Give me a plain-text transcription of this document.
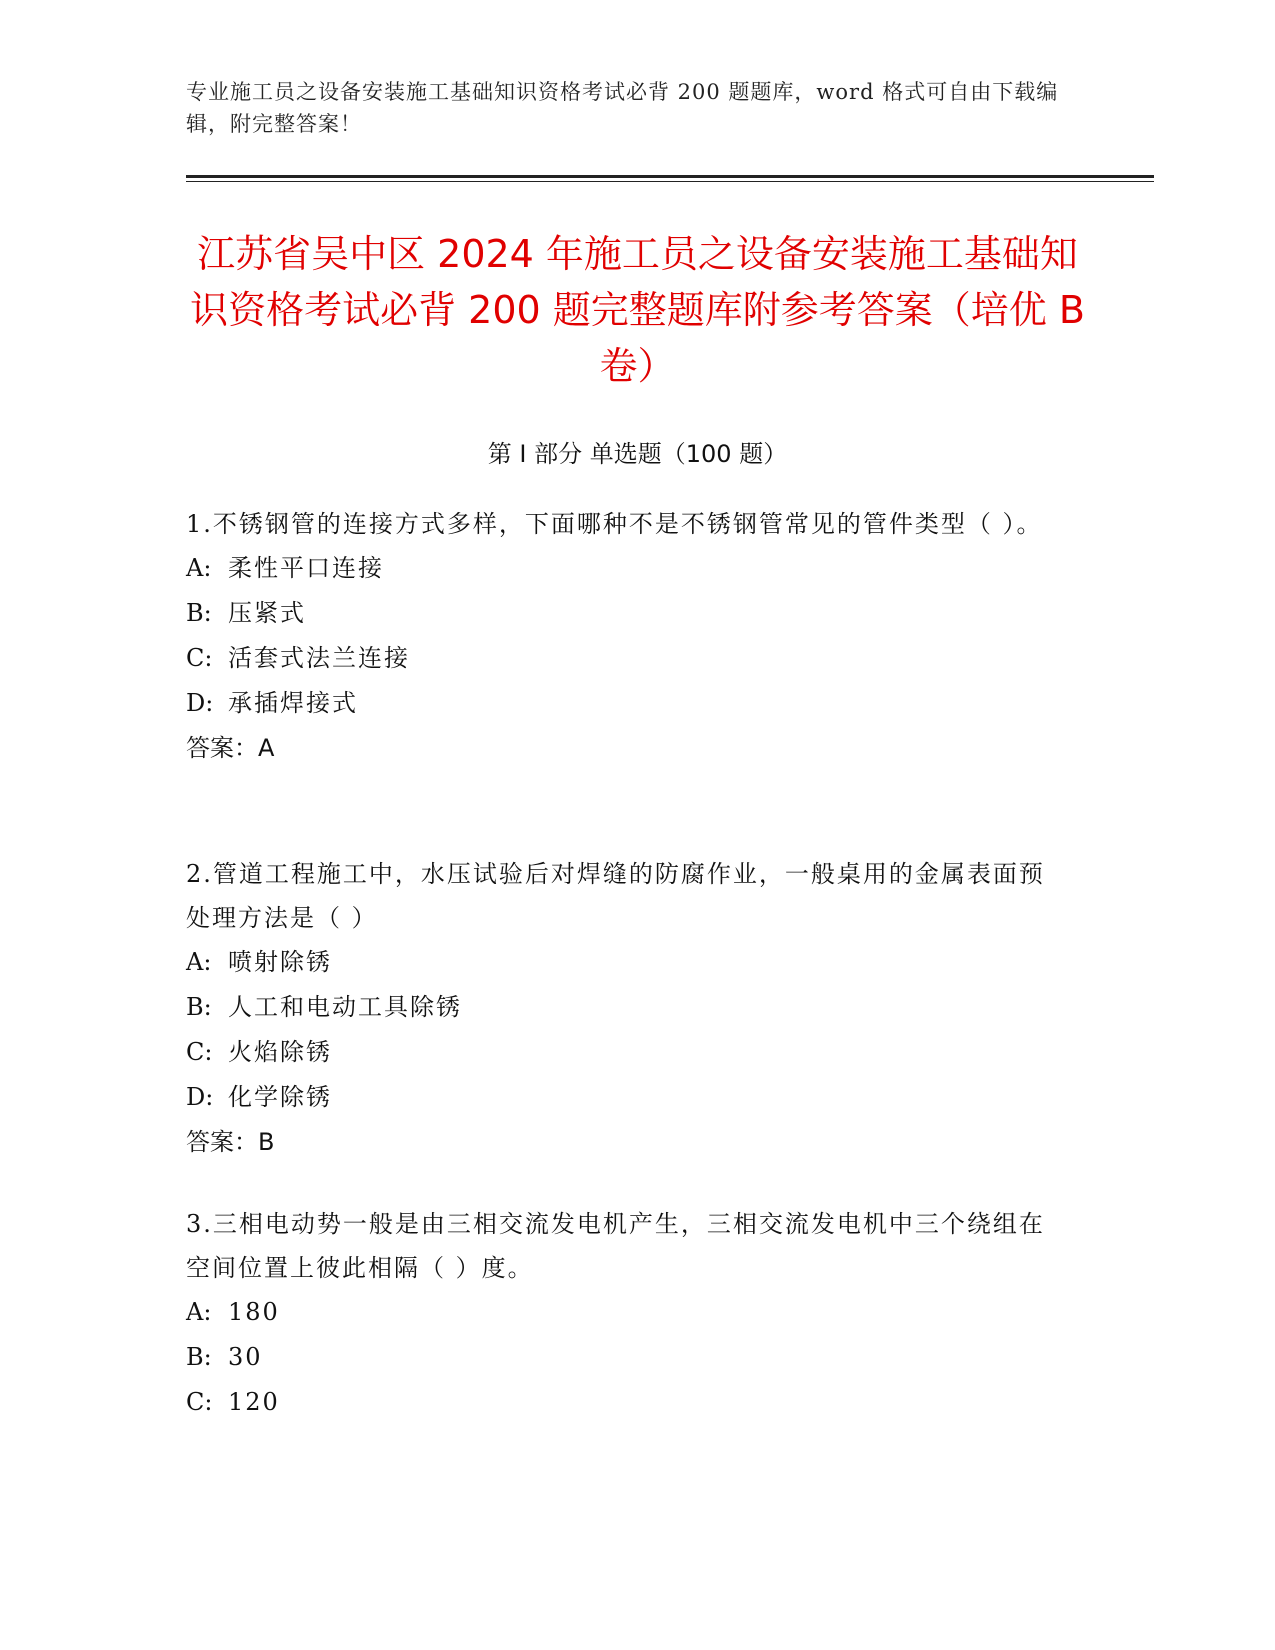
专业施工员之设备安装施工基础知识资格考试必背 200 题题库，word 格式可自由下载编辑，附完整答案！
江苏省吴中区 2024 年施工员之设备安装施工基础知识资格考试必背 200 题完整题库附参考答案（培优 B 卷）
第 I 部分 单选题（100 题）

1.不锈钢管的连接方式多样，下面哪种不是不锈钢管常见的管件类型（ ）。

A: 柔性平口连接

B: 压紧式

C: 活套式法兰连接

D: 承插焊接式

答案：A

2.管道工程施工中，水压试验后对焊缝的防腐作业，一般桌用的金属表面预处理方法是（ ）

A: 喷射除锈

B: 人工和电动工具除锈

C: 火焰除锈

D: 化学除锈

答案：B

3.三相电动势一般是由三相交流发电机产生，三相交流发电机中三个绕组在空间位置上彼此相隔（ ）度。

A: 180

B: 30

C: 120
